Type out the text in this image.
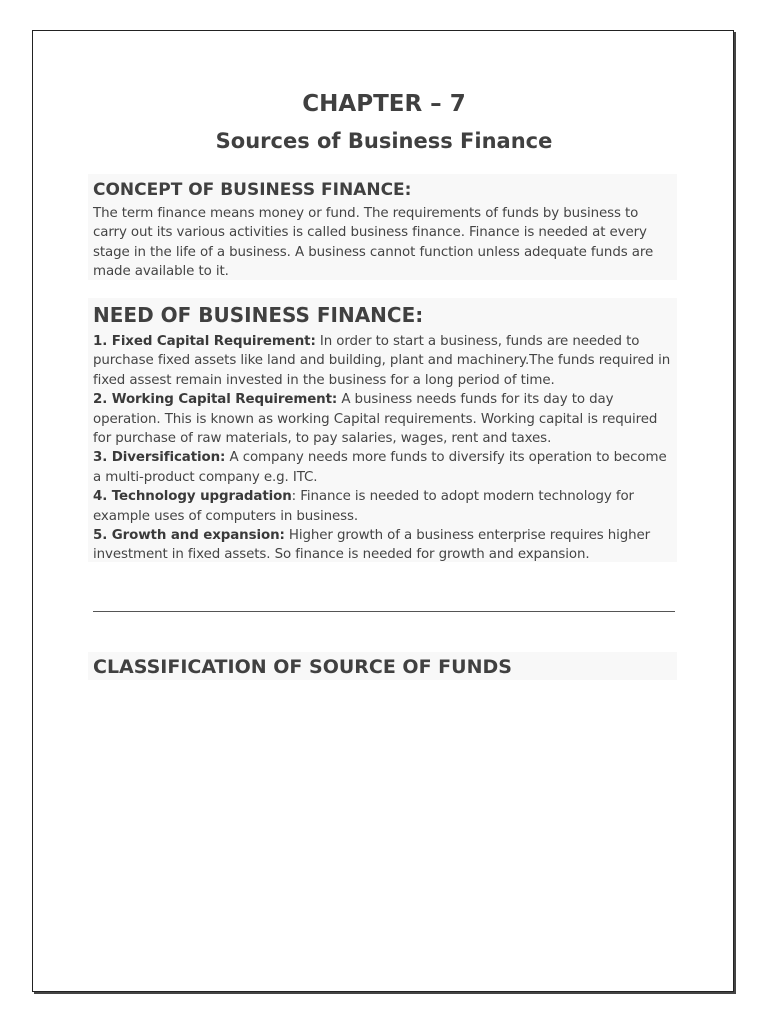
CHAPTER – 7
Sources of Business Finance
CONCEPT OF BUSINESS FINANCE:

The term finance means money or fund. The requirements of funds by business to carry out its various activities is called business finance. Finance is needed at every stage in the life of a business. A business cannot function unless adequate funds are made available to it.

NEED OF BUSINESS FINANCE:

1. Fixed Capital Requirement: In order to start a business, funds are needed to purchase fixed assets like land and building, plant and machinery.The funds required in fixed assest remain invested in the business for a long period of time.

2. Working Capital Requirement: A business needs funds for its day to day operation. This is known as working Capital requirements. Working capital is required for purchase of raw materials, to pay salaries, wages, rent and taxes.

3. Diversification: A company needs more funds to diversify its operation to become a multi-product company e.g. ITC.

4. Technology upgradation: Finance is needed to adopt modern technology for example uses of computers in business.

5. Growth and expansion: Higher growth of a business enterprise requires higher investment in fixed assets. So finance is needed for growth and expansion.

CLASSIFICATION OF SOURCE OF FUNDS
